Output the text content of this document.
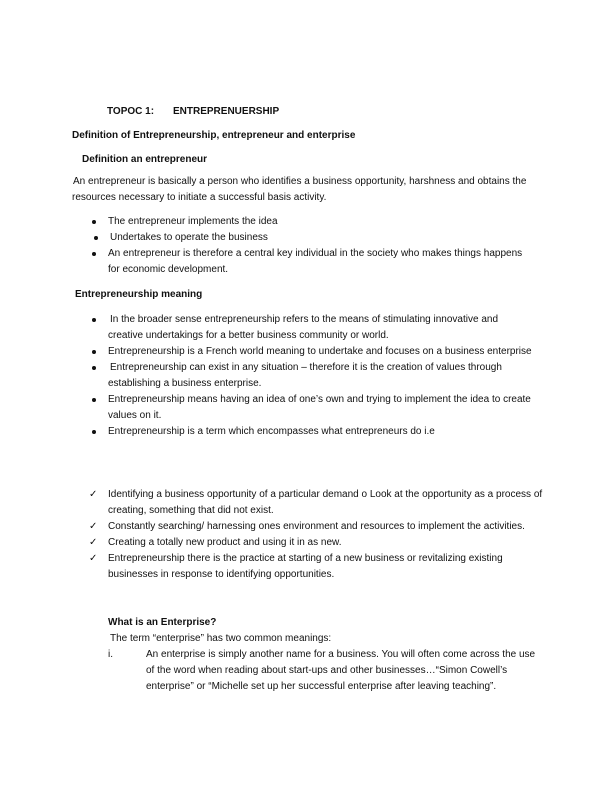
TOPOC 1: ENTREPRENUERSHIP
Definition of Entrepreneurship, entrepreneur and enterprise
Definition an entrepreneur
An entrepreneur is basically a person who identifies a business opportunity, harshness and obtains the resources necessary to initiate a successful basis activity.
The entrepreneur implements the idea
Undertakes to operate the business
An entrepreneur is therefore a central key individual in the society who makes things happens for economic development.
Entrepreneurship meaning
In the broader sense entrepreneurship refers to the means of stimulating innovative and creative undertakings for a better business community or world.
Entrepreneurship is a French world meaning to undertake and focuses on a business enterprise
Entrepreneurship can exist in any situation – therefore it is the creation of values through establishing a business enterprise.
Entrepreneurship means having an idea of one’s own and trying to implement the idea to create values on it.
Entrepreneurship is a term which encompasses what entrepreneurs do i.e
✓ Identifying a business opportunity of a particular demand o Look at the opportunity as a process of creating, something that did not exist.
✓ Constantly searching/ harnessing ones environment and resources to implement the activities.
✓ Creating a totally new product and using it in as new.
✓ Entrepreneurship there is the practice at starting of a new business or revitalizing existing businesses in response to identifying opportunities.
What is an Enterprise?
The term “enterprise” has two common meanings:
i.	An enterprise is simply another name for a business. You will often come across the use of the word when reading about start-ups and other businesses…“Simon Cowell’s enterprise” or “Michelle set up her successful enterprise after leaving teaching”.
